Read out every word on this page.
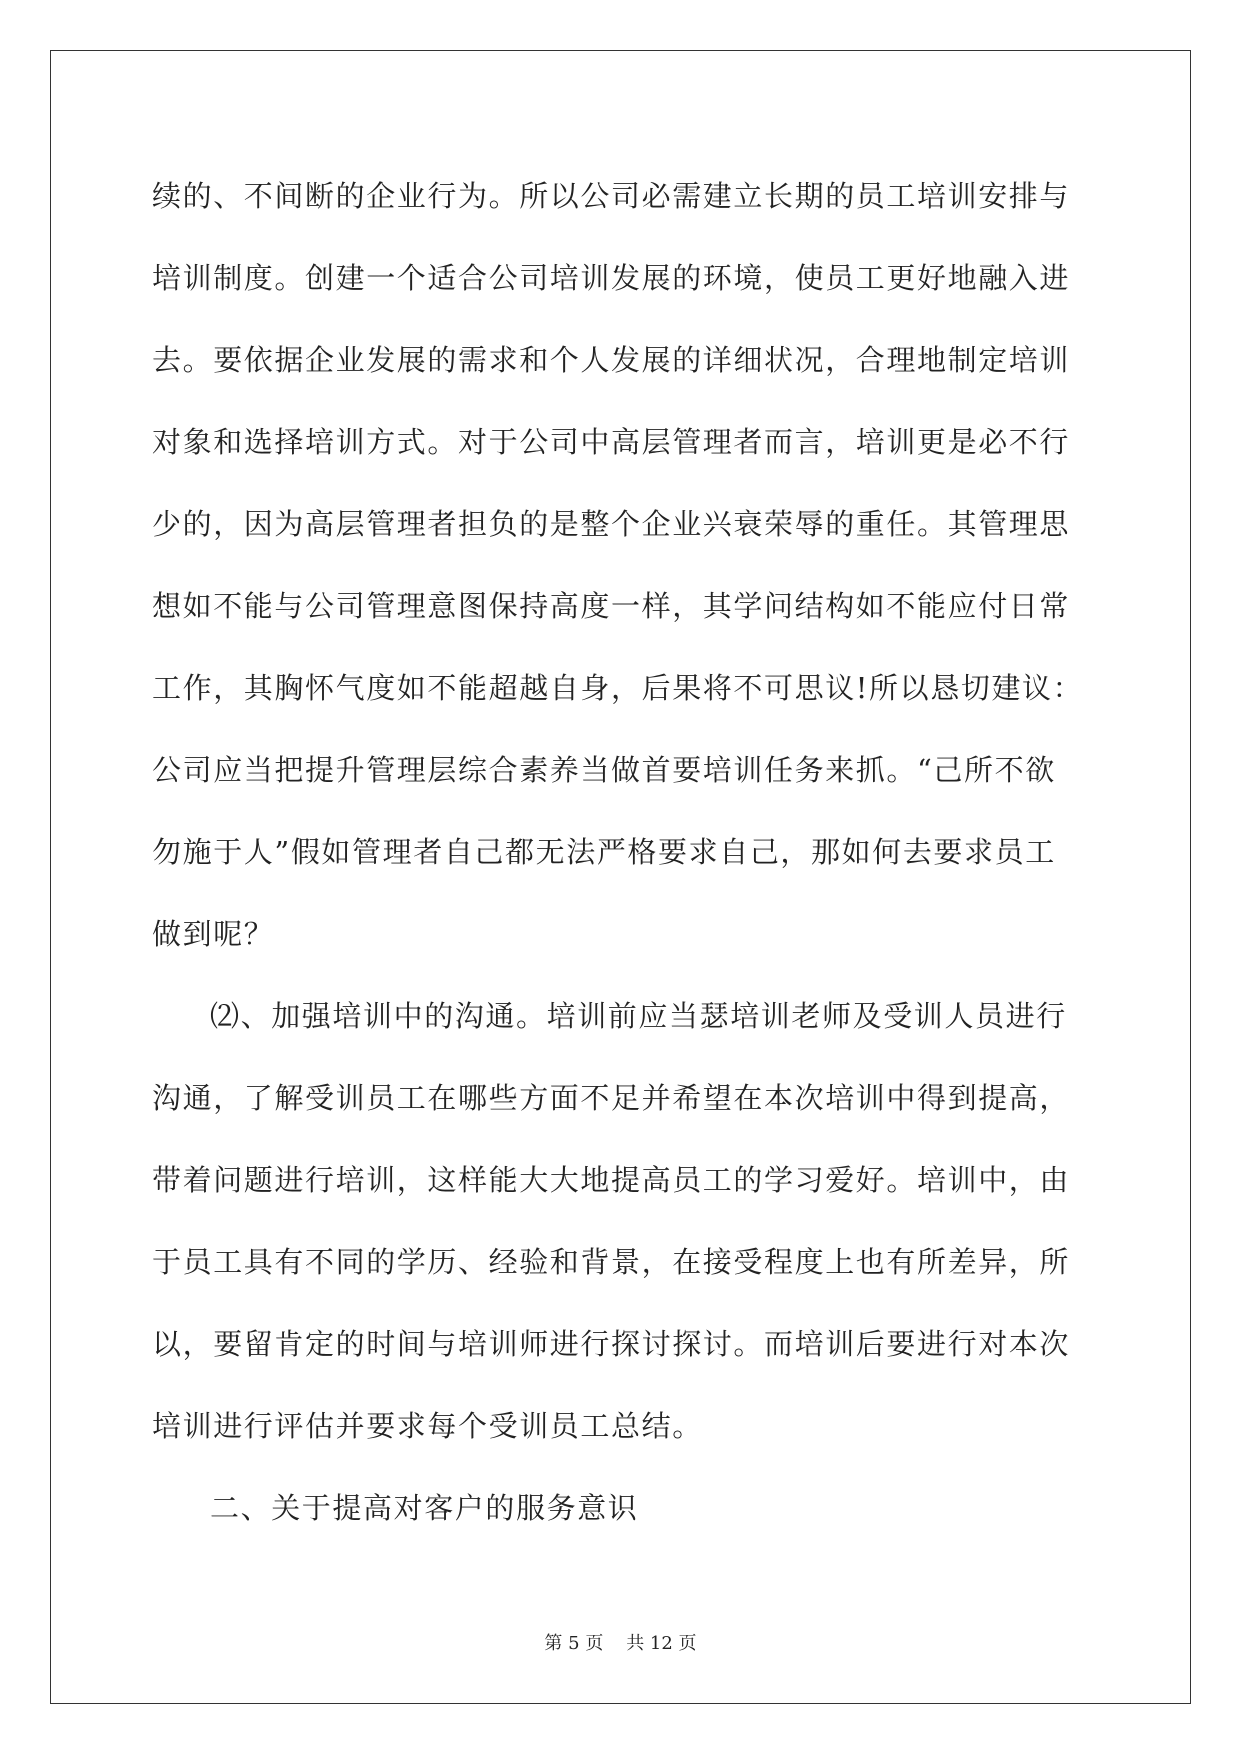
续的、不间断的企业行为。所以公司必需建立长期的员工培训安排与
培训制度。创建一个适合公司培训发展的环境，使员工更好地融入进
去。要依据企业发展的需求和个人发展的详细状况，合理地制定培训
对象和选择培训方式。对于公司中高层管理者而言，培训更是必不行
少的，因为高层管理者担负的是整个企业兴衰荣辱的重任。其管理思
想如不能与公司管理意图保持高度一样，其学问结构如不能应付日常
工作，其胸怀气度如不能超越自身，后果将不可思议!所以恳切建议：
公司应当把提升管理层综合素养当做首要培训任务来抓。“己所不欲
勿施于人”假如管理者自己都无法严格要求自己，那如何去要求员工
做到呢？
⑵、加强培训中的沟通。培训前应当瑟培训老师及受训人员进行
沟通，了解受训员工在哪些方面不足并希望在本次培训中得到提高，
带着问题进行培训，这样能大大地提高员工的学习爱好。培训中，由
于员工具有不同的学历、经验和背景，在接受程度上也有所差异，所
以，要留肯定的时间与培训师进行探讨探讨。而培训后要进行对本次
培训进行评估并要求每个受训员工总结。
二、关于提高对客户的服务意识
第 5 页    共 12 页
